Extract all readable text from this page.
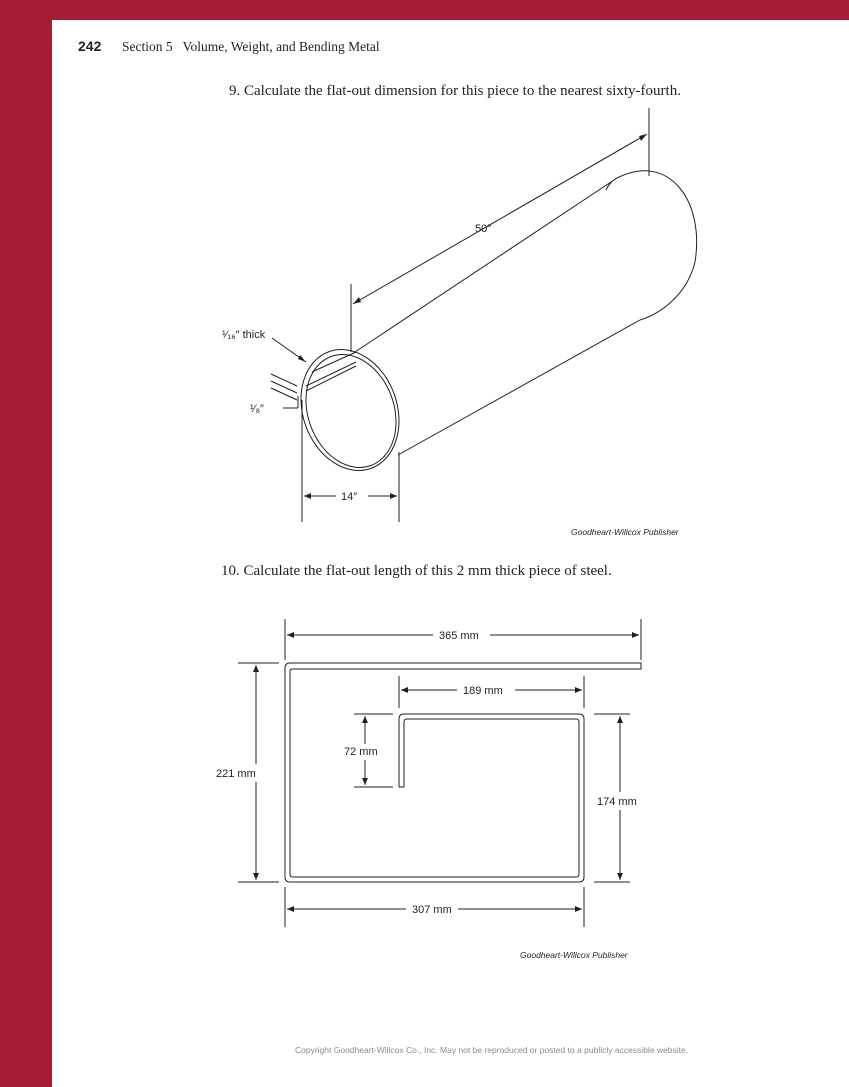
242 Section 5   Volume, Weight, and Bending Metal
9. Calculate the flat-out dimension for this piece to the nearest sixty-fourth.
50″
¹⁄₁₆″ thick
¹⁄₈″
14″
Goodheart-Willcox Publisher
10. Calculate the flat-out length of this 2 mm thick piece of steel.
365 mm
189 mm
72 mm
221 mm
174 mm
307 mm
Goodheart-Willcox Publisher
Copyright Goodheart-Willcox Co., Inc. May not be reproduced or posted to a publicly accessible website.
